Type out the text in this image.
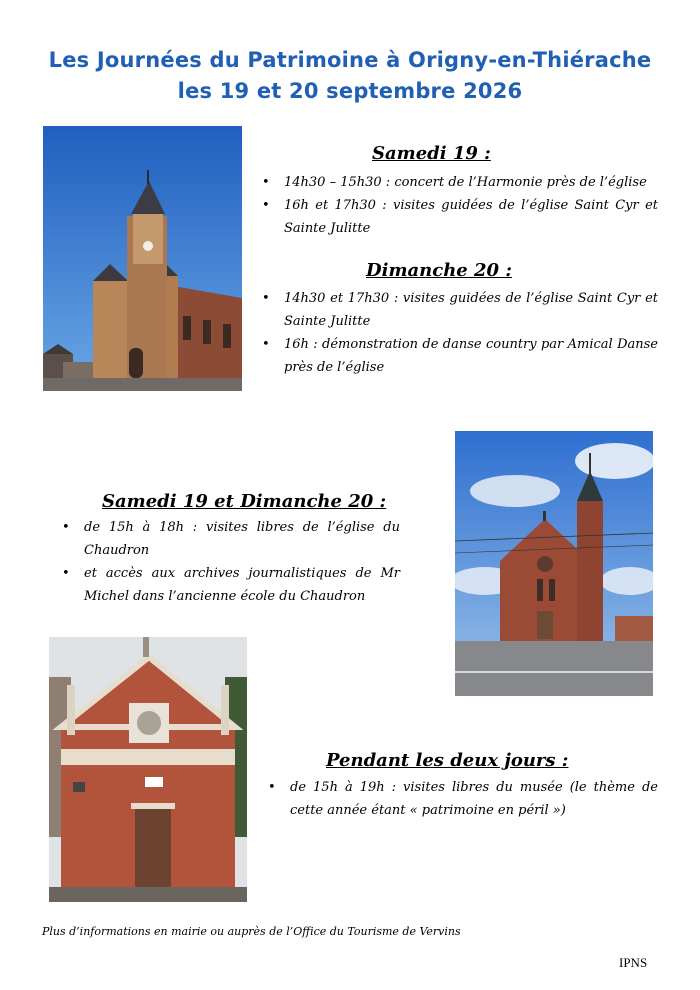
Les Journées du Patrimoine à Origny-en-Thiérache
les 19 et 20 septembre 2026
Samedi 19 :
• 14h30 – 15h30 : concert de l’Harmonie près de l’église
• 16h et 17h30 : visites guidées de l’église Saint Cyr et Sainte Julitte
Dimanche 20 :
• 14h30 et 17h30 : visites guidées de l’église Saint Cyr et Sainte Julitte
• 16h : démonstration de danse country par Amical Danse près de l’église
Samedi 19 et Dimanche 20 :
• de 15h à 18h : visites libres de l’église du Chaudron
• et accès aux archives journalistiques de Mr Michel dans l’ancienne école du Chaudron
Pendant les deux jours :
• de 15h à 19h : visites libres du musée (le thème de cette année étant « patrimoine en péril »)
Plus d’informations en mairie ou auprès de l’Office du Tourisme de Vervins
IPNS
